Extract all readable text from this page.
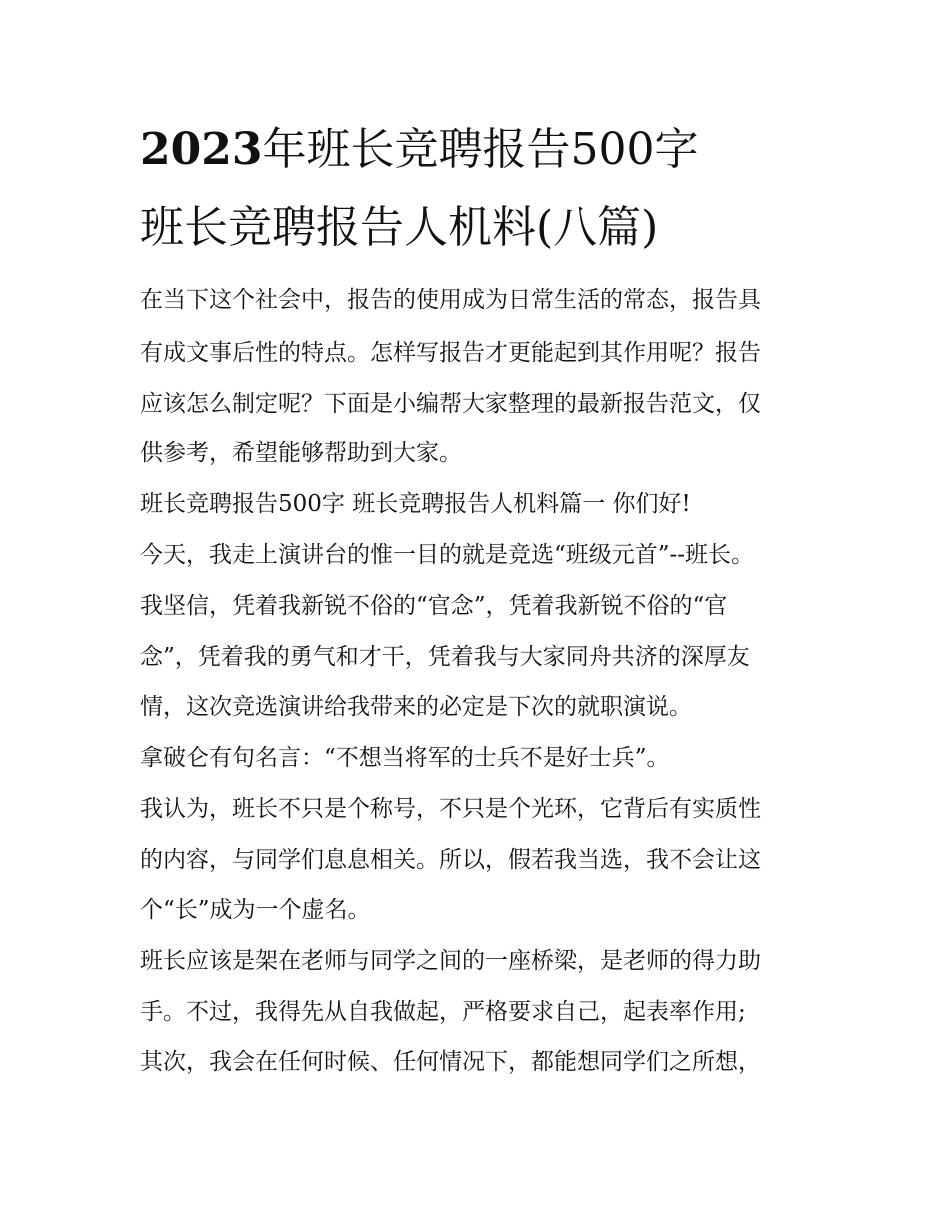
2023年班长竞聘报告500字
班长竞聘报告人机料(八篇)
在当下这个社会中，报告的使用成为日常生活的常态，报告具
有成文事后性的特点。怎样写报告才更能起到其作用呢？报告
应该怎么制定呢？下面是小编帮大家整理的最新报告范文，仅
供参考，希望能够帮助到大家。
班长竞聘报告500字 班长竞聘报告人机料篇一 你们好!
今天，我走上演讲台的惟一目的就是竞选“班级元首”--班长。
我坚信，凭着我新锐不俗的“官念”，凭着我新锐不俗的“官
念”，凭着我的勇气和才干，凭着我与大家同舟共济的深厚友
情，这次竞选演讲给我带来的必定是下次的就职演说。
拿破仑有句名言：“不想当将军的士兵不是好士兵”。
我认为，班长不只是个称号，不只是个光环，它背后有实质性
的内容，与同学们息息相关。所以，假若我当选，我不会让这
个“长”成为一个虚名。
班长应该是架在老师与同学之间的一座桥梁，是老师的得力助
手。不过，我得先从自我做起，严格要求自己，起表率作用;
其次，我会在任何时候、任何情况下，都能想同学们之所想，
